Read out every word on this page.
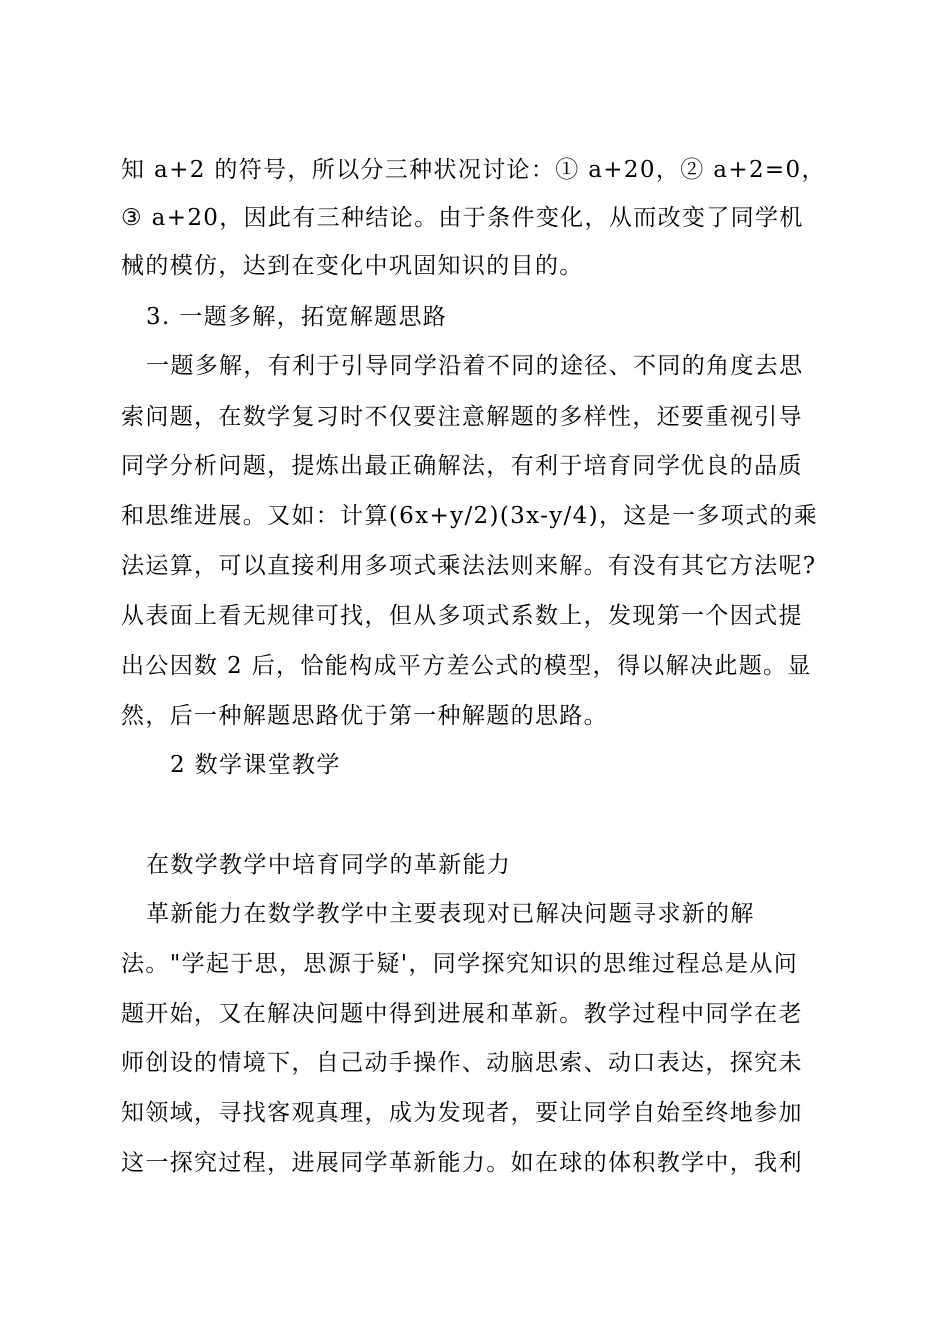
知 a+2 的符号，所以分三种状况讨论：① a+20，② a+2=0，
③ a+20，因此有三种结论。由于条件变化，从而改变了同学机
械的模仿，达到在变化中巩固知识的目的。
3. 一题多解，拓宽解题思路
一题多解，有利于引导同学沿着不同的途径、不同的角度去思
索问题，在数学复习时不仅要注意解题的多样性，还要重视引导
同学分析问题，提炼出最正确解法，有利于培育同学优良的品质
和思维进展。又如：计算(6x+y/2)(3x-y/4)，这是一多项式的乘
法运算，可以直接利用多项式乘法法则来解。有没有其它方法呢?
从表面上看无规律可找，但从多项式系数上，发现第一个因式提
出公因数 2 后，恰能构成平方差公式的模型，得以解决此题。显
然，后一种解题思路优于第一种解题的思路。
2 数学课堂教学
在数学教学中培育同学的革新能力
革新能力在数学教学中主要表现对已解决问题寻求新的解
法。"学起于思，思源于疑'，同学探究知识的思维过程总是从问
题开始，又在解决问题中得到进展和革新。教学过程中同学在老
师创设的情境下，自己动手操作、动脑思索、动口表达，探究未
知领域，寻找客观真理，成为发现者，要让同学自始至终地参加
这一探究过程，进展同学革新能力。如在球的体积教学中，我利
